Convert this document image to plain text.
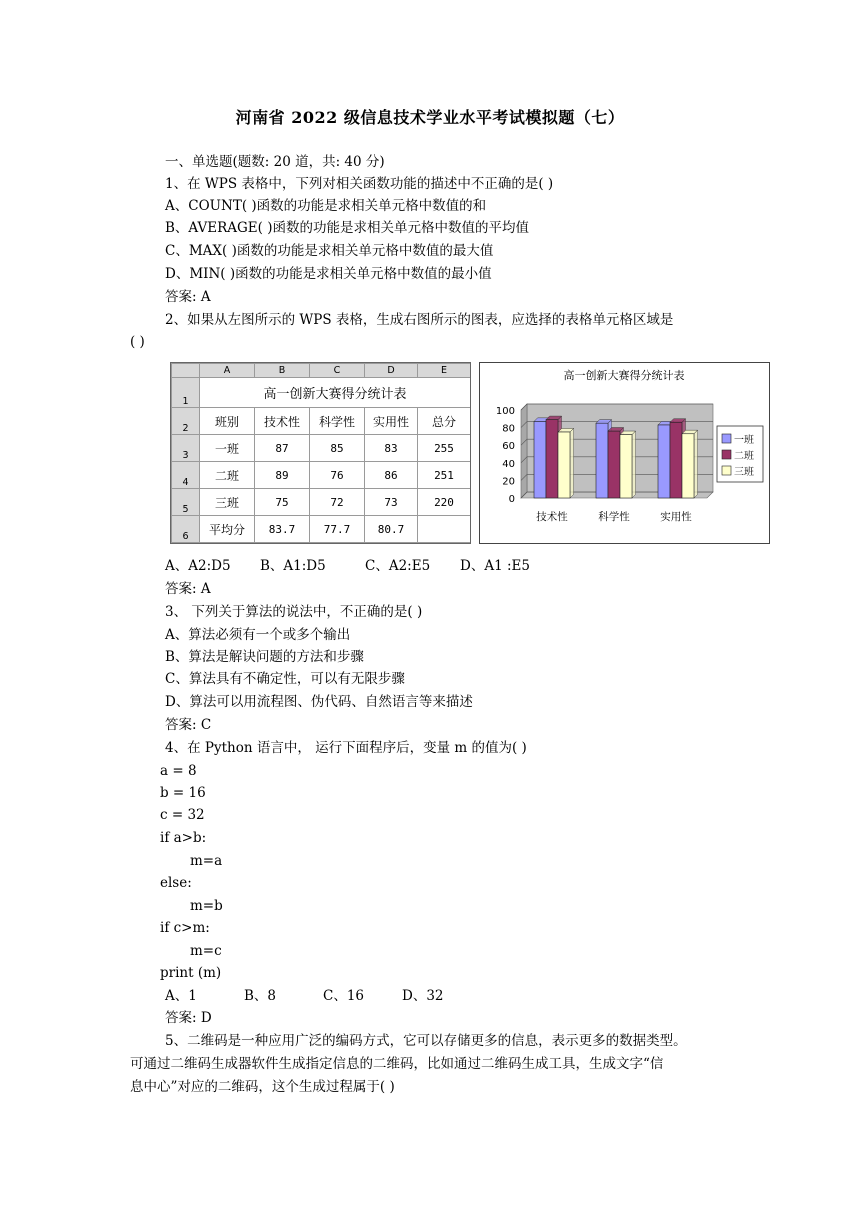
河南省 2022 级信息技术学业水平考试模拟题（七）
一、单选题(题数: 20 道，共: 40 分)
1、在 WPS 表格中，下列对相关函数功能的描述中不正确的是( )
A、COUNT( )函数的功能是求相关单元格中数值的和
B、AVERAGE( )函数的功能是求相关单元格中数值的平均值
C、MAX( )函数的功能是求相关单元格中数值的最大值
D、MIN( )函数的功能是求相关单元格中数值的最小值
答案: A
2、如果从左图所示的 WPS 表格，生成右图所示的图表，应选择的表格单元格区域是
( )
	A	B	C	D	E
1	高一创新大赛得分统计表				
2	班别	技术性	科学性	实用性	总分
3	一班	87	85	83	255
4	二班	89	76	86	251
5	三班	75	72	73	220
6	平均分	83.7	77.7	80.7	
高一创新大赛得分统计表
100
80
60
40
20
0
技术性	科学性	实用性
一班
二班
三班
A、A2:D5 B、A1:D5	C、A2:E5 D、A1 :E5
答案: A
3、 下列关于算法的说法中，不正确的是( )
A、算法必须有一个或多个输出
B、算法是解诀问题的方法和步骤
C、算法具有不确定性，可以有无限步骤
D、算法可以用流程图、伪代码、自然语言等来描述
答案: C
4、在 Python 语言中， 运行下面程序后，变量 m 的值为( )
a = 8
b = 16
c = 32
if a>b:
m=a
else:
m=b
if c>m:
m=c
print (m)
A、1	B、8	C、16	D、32
答案: D
5、二维码是一种应用广泛的编码方式，它可以存储更多的信息，表示更多的数据类型。
可通过二维码生成器软件生成指定信息的二维码，比如通过二维码生成工具，生成文字“信
息中心”对应的二维码，这个生成过程属于( )
